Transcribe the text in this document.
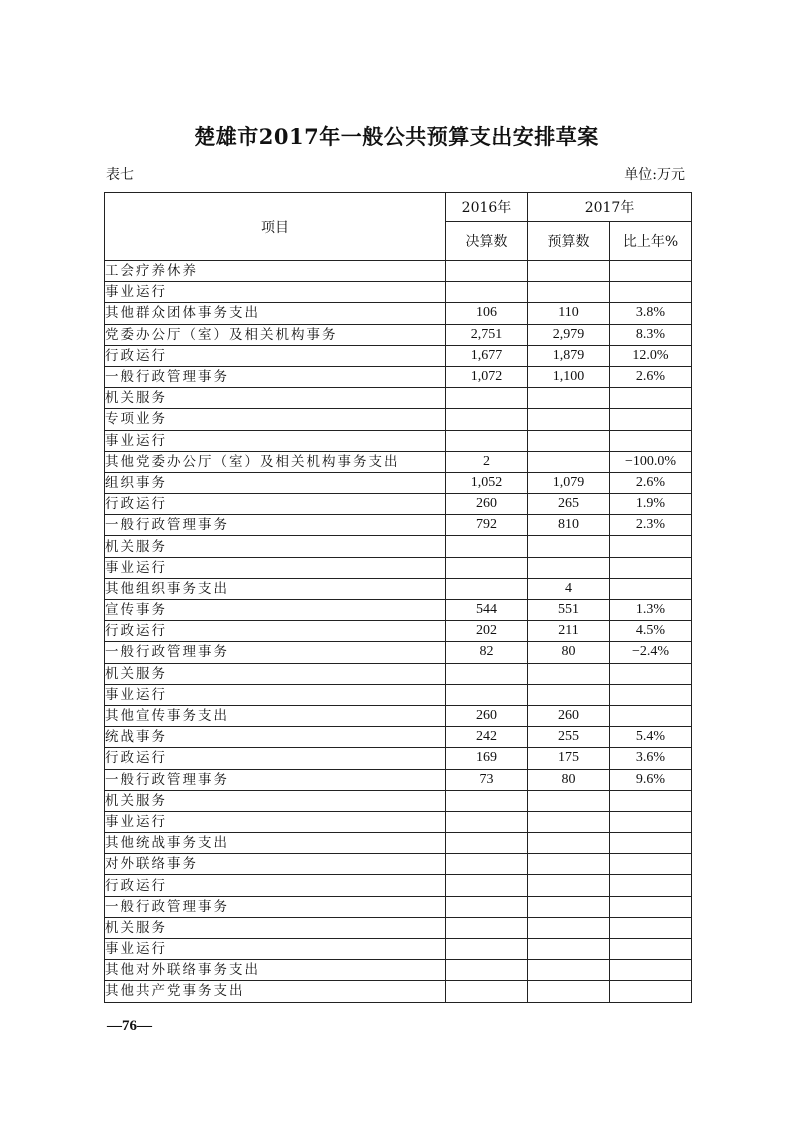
楚雄市2017年一般公共预算支出安排草案
表七	单位:万元
项目	2016年	2017年	
	决算数	预算数	比上年%
工会疗养休养			
事业运行			
其他群众团体事务支出	106	110	3.8%
党委办公厅（室）及相关机构事务	2,751	2,979	8.3%
行政运行	1,677	1,879	12.0%
一般行政管理事务	1,072	1,100	2.6%
机关服务			
专项业务			
事业运行			
其他党委办公厅（室）及相关机构事务支出	2		−100.0%
组织事务	1,052	1,079	2.6%
行政运行	260	265	1.9%
一般行政管理事务	792	810	2.3%
机关服务			
事业运行			
其他组织事务支出		4	
宣传事务	544	551	1.3%
行政运行	202	211	4.5%
一般行政管理事务	82	80	−2.4%
机关服务			
事业运行			
其他宣传事务支出	260	260	
统战事务	242	255	5.4%
行政运行	169	175	3.6%
一般行政管理事务	73	80	9.6%
机关服务			
事业运行			
其他统战事务支出			
对外联络事务			
行政运行			
一般行政管理事务			
机关服务			
事业运行			
其他对外联络事务支出			
其他共产党事务支出			
—76—
